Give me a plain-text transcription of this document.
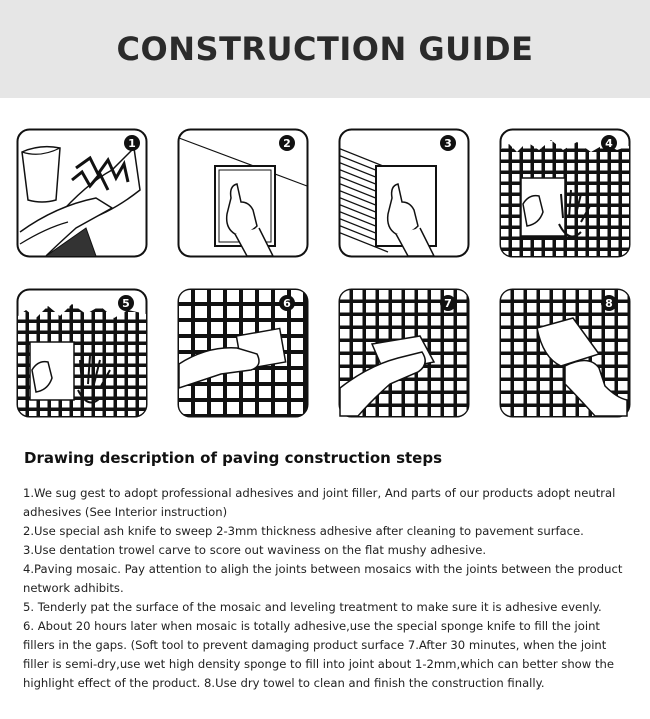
CONSTRUCTION GUIDE
1	2	3	4
5	6	7	8
Drawing description of paving construction steps

1.We sug gest to adopt professional adhesives and joint filler, And parts of our products adopt neutral adhesives (See Interior instruction)

2.Use special ash knife to sweep 2-3mm thickness adhesive after cleaning to pavement surface.

3.Use dentation trowel carve to score out waviness on the flat mushy adhesive.

4.Paving mosaic. Pay attention to aligh the joints between mosaics with the joints between the product network adhibits.

5. Tenderly pat the surface of the mosaic and leveling treatment to make sure it is adhesive evenly.

6. About 20 hours later when mosaic is totally adhesive,use the special sponge knife to fill the joint fillers in the gaps. (Soft tool to prevent damaging product surface 7.After 30 minutes, when the joint filler is semi-dry,use wet high density sponge to fill into joint about 1-2mm,which can better show the highlight effect of the product. 8.Use dry towel to clean and finish the construction finally.
